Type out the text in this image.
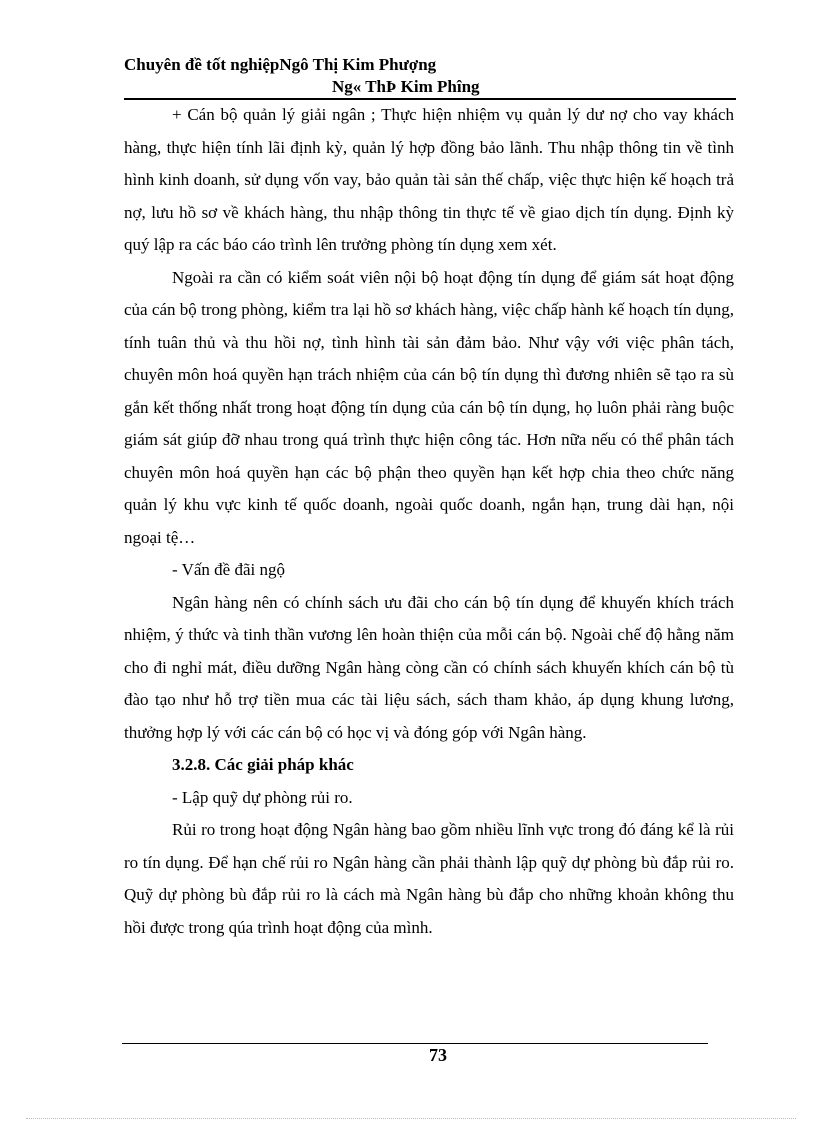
Chuyên đề tốt nghiệpNgô Thị Kim Phượng
Ng« ThÞ Kim Phîng

+ Cán bộ quản lý giải ngân ; Thực hiện nhiệm vụ quản lý dư nợ cho vay khách hàng, thực hiện tính lãi định kỳ, quản lý hợp đồng bảo lãnh. Thu nhập thông tin về tình hình kinh doanh, sử dụng vốn vay, bảo quản tài sản thế chấp, việc thực hiện kế hoạch trả nợ, lưu hồ sơ về khách hàng, thu nhập thông tin thực tế về giao dịch tín dụng. Định kỳ quý lập ra các báo cáo trình lên trưởng phòng tín dụng xem xét.

Ngoài ra cần có kiểm soát viên nội bộ hoạt động tín dụng để giám sát hoạt động của cán bộ trong phòng, kiểm tra lại hồ sơ khách hàng, việc chấp hành kế hoạch tín dụng, tính tuân thủ và thu hồi nợ, tình hình tài sản đảm bảo. Như vậy với việc phân tách, chuyên môn hoá quyền hạn trách nhiệm của cán bộ tín dụng thì đương nhiên sẽ tạo ra sù gắn kết thống nhất trong hoạt động tín dụng của cán bộ tín dụng, họ luôn phải ràng buộc giám sát giúp đỡ nhau trong quá trình thực hiện công tác. Hơn nữa nếu có thể phân tách chuyên môn hoá quyền hạn các bộ phận theo quyền hạn kết hợp chia theo chức năng quản lý khu vực kinh tế quốc doanh, ngoài quốc doanh, ngắn hạn, trung dài hạn, nội ngoại tệ…

- Vấn đề đãi ngộ

Ngân hàng nên có chính sách ưu đãi cho cán bộ tín dụng để khuyến khích trách nhiệm, ý thức và tinh thần vương lên hoàn thiện của mỗi cán bộ. Ngoài chế độ hằng năm cho đi nghỉ mát, điều dưỡng Ngân hàng còng cần có chính sách khuyến khích cán bộ tù đào tạo như hỗ trợ tiền mua các tài liệu sách, sách tham khảo, áp dụng khung lương, thưởng hợp lý với các cán bộ có học vị và đóng góp với Ngân hàng.

3.2.8. Các giải pháp khác

- Lập quỹ dự phòng rủi ro.

Rủi ro trong hoạt động Ngân hàng bao gồm nhiều lĩnh vực trong đó đáng kể là rủi ro tín dụng. Để hạn chế rủi ro Ngân hàng cần phải thành lập quỹ dự phòng bù đắp rủi ro. Quỹ dự phòng bù đắp rủi ro là cách mà Ngân hàng bù đắp cho những khoản không thu hồi được trong qúa trình hoạt động của mình.

73
